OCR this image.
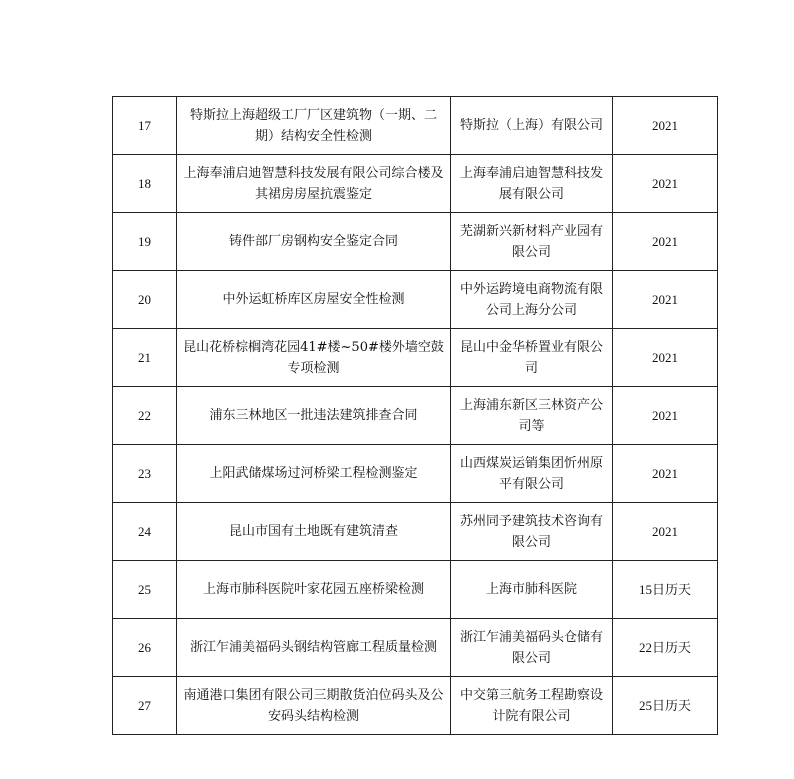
17	特斯拉上海超级工厂厂区建筑物（一期、二期）结构安全性检测	特斯拉（上海）有限公司	2021
18	上海奉浦启迪智慧科技发展有限公司综合楼及其裙房房屋抗震鉴定	上海奉浦启迪智慧科技发展有限公司	2021
19	铸件部厂房钢构安全鉴定合同	芜湖新兴新材料产业园有限公司	2021
20	中外运虹桥库区房屋安全性检测	中外运跨境电商物流有限公司上海分公司	2021
21	昆山花桥棕榈湾花园41#楼~50#楼外墙空鼓专项检测	昆山中金华桥置业有限公司	2021
22	浦东三林地区一批违法建筑排查合同	上海浦东新区三林资产公司等	2021
23	上阳武储煤场过河桥梁工程检测鉴定	山西煤炭运销集团忻州原平有限公司	2021
24	昆山市国有土地既有建筑清查	苏州同予建筑技术咨询有限公司	2021
25	上海市肺科医院叶家花园五座桥梁检测	上海市肺科医院	15日历天
26	浙江乍浦美福码头钢结构管廊工程质量检测	浙江乍浦美福码头仓储有限公司	22日历天
27	南通港口集团有限公司三期散货泊位码头及公安码头结构检测	中交第三航务工程勘察设计院有限公司	25日历天
